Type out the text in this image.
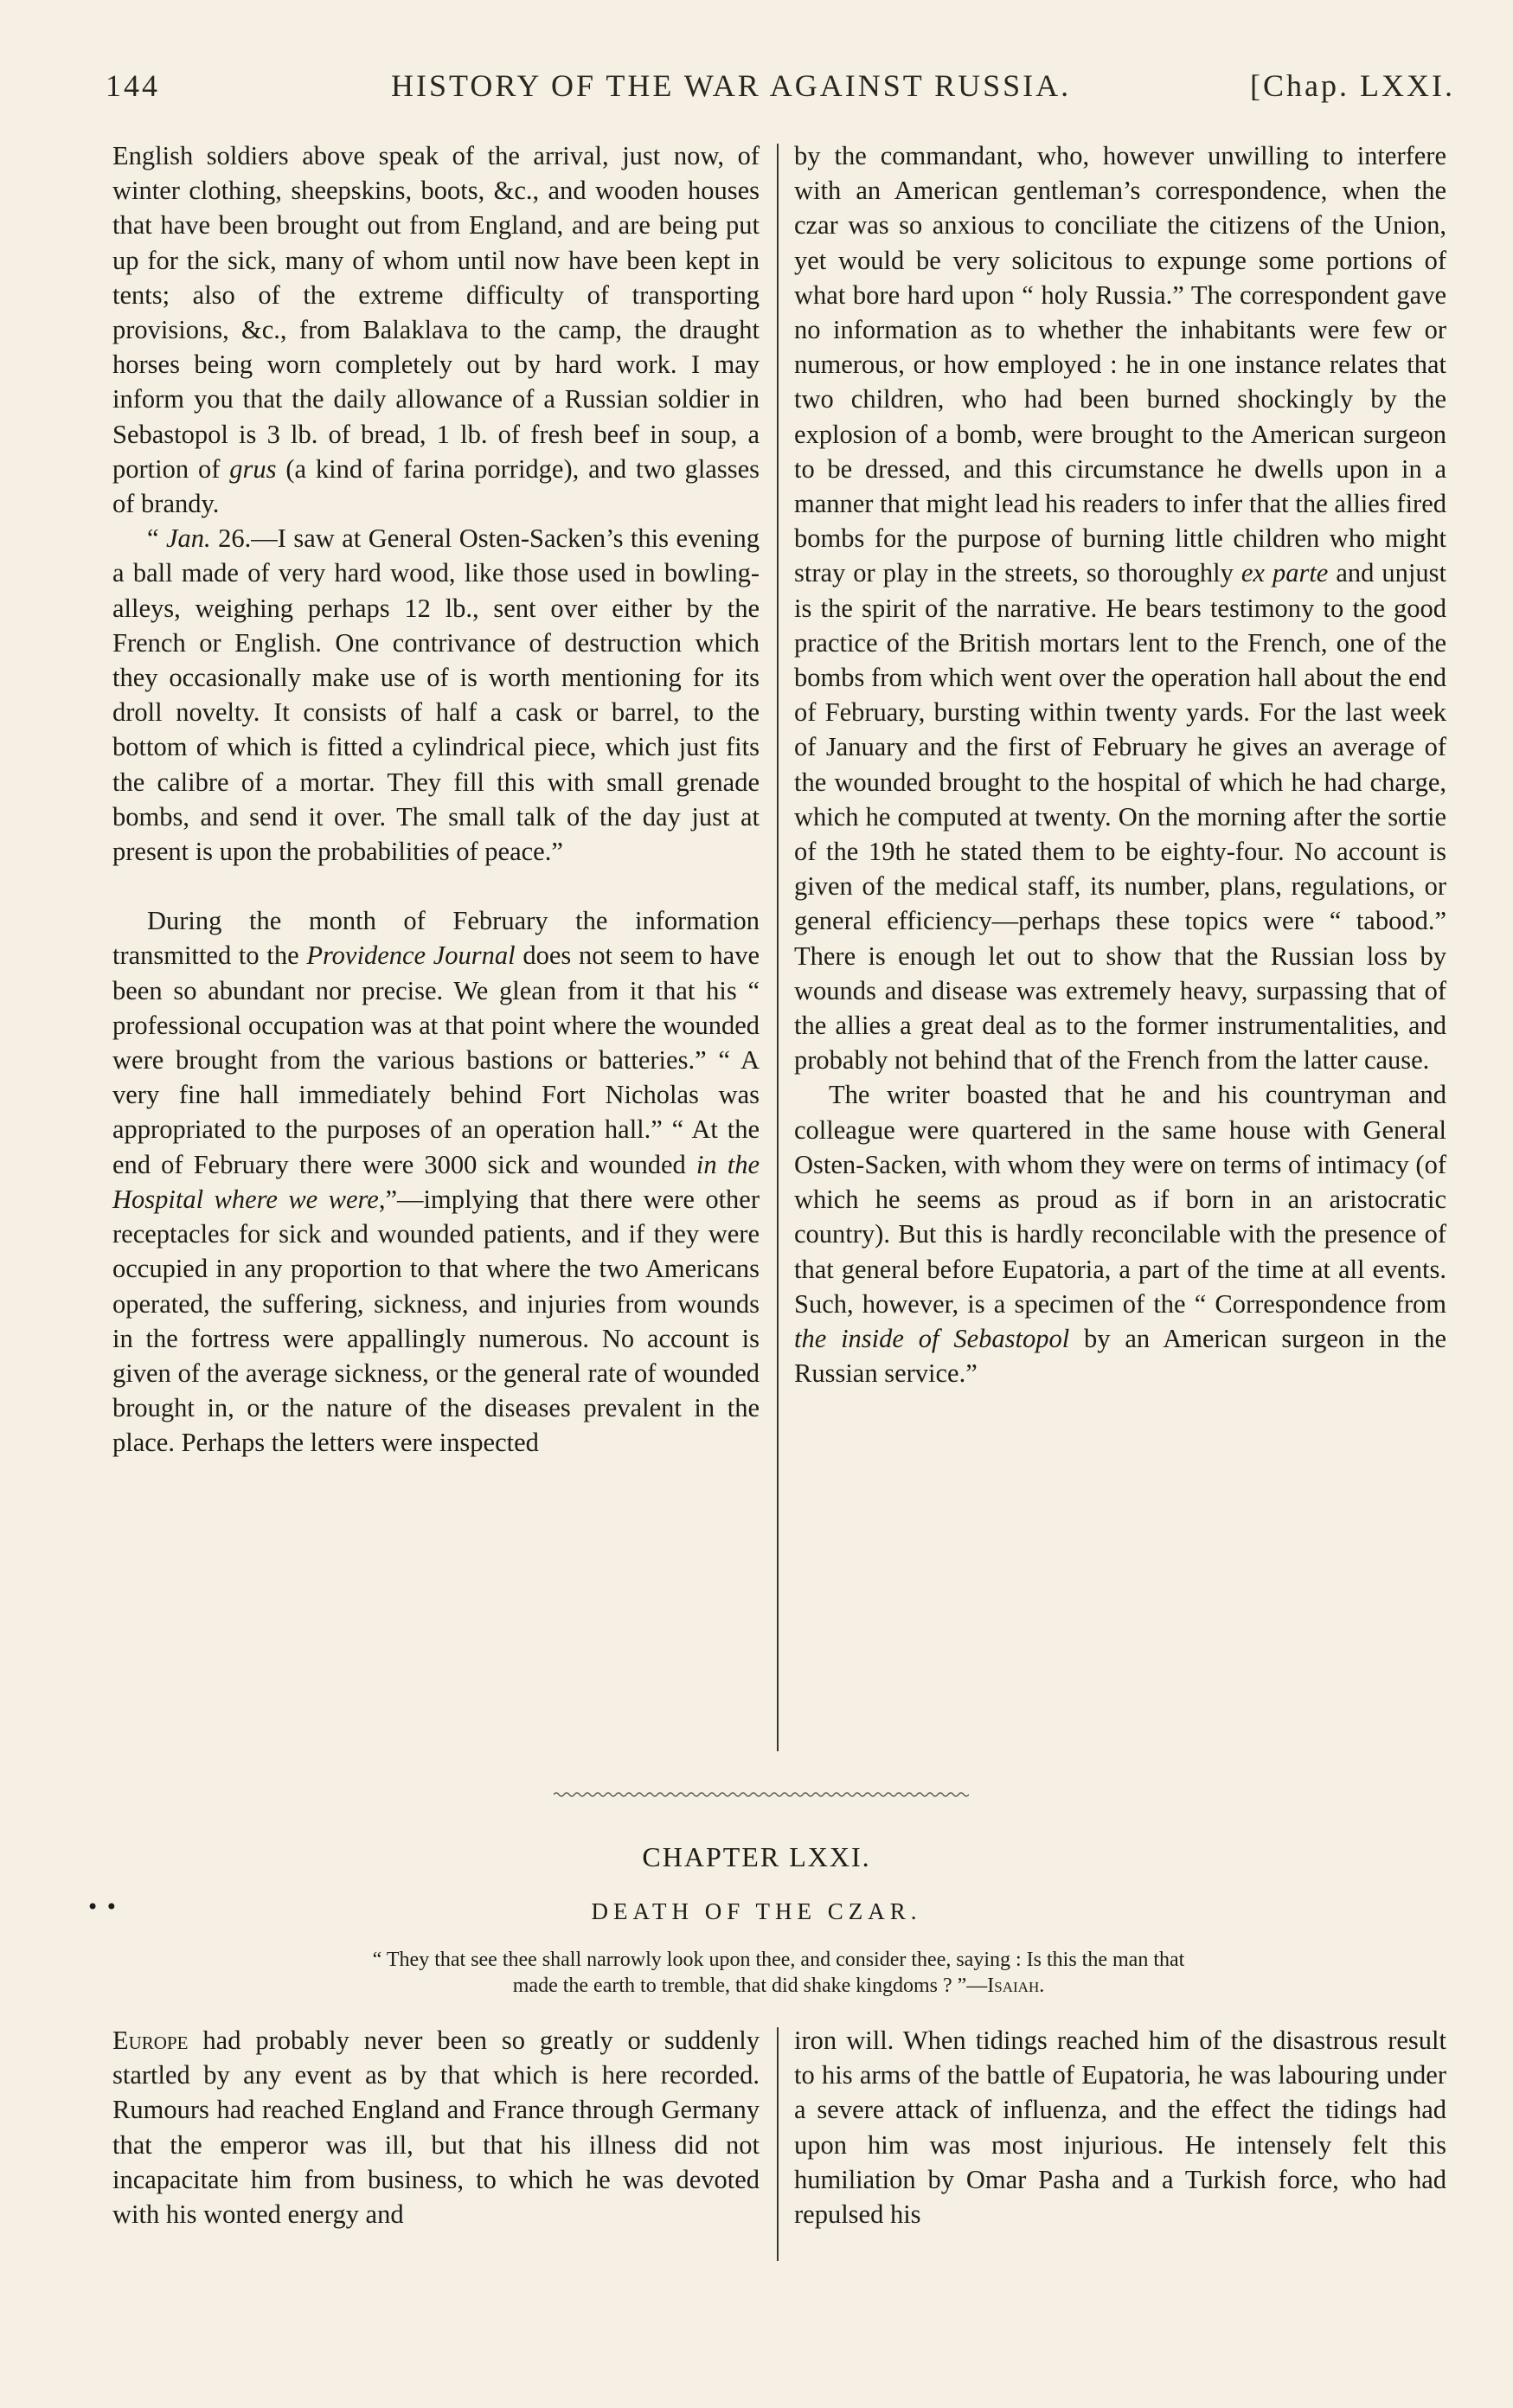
144	HISTORY OF THE WAR AGAINST RUSSIA.	[Chap. LXXI.

English soldiers above speak of the arrival, just now, of winter clothing, sheepskins, boots, &c., and wooden houses that have been brought out from England, and are being put up for the sick, many of whom until now have been kept in tents; also of the extreme difficulty of transporting provisions, &c., from Balaklava to the camp, the draught horses being worn completely out by hard work. I may inform you that the daily allowance of a Russian soldier in Sebastopol is 3 lb. of bread, 1 lb. of fresh beef in soup, a portion of grus (a kind of farina porridge), and two glasses of brandy.

“ Jan. 26.—I saw at General Osten-Sacken’s this evening a ball made of very hard wood, like those used in bowling-alleys, weighing perhaps 12 lb., sent over either by the French or English. One contrivance of destruction which they occasionally make use of is worth mentioning for its droll novelty. It consists of half a cask or barrel, to the bottom of which is fitted a cylindrical piece, which just fits the calibre of a mortar. They fill this with small grenade bombs, and send it over. The small talk of the day just at present is upon the probabilities of peace.”

During the month of February the information transmitted to the Providence Journal does not seem to have been so abundant nor precise. We glean from it that his “ professional occupation was at that point where the wounded were brought from the various bastions or batteries.” “ A very fine hall immediately behind Fort Nicholas was appropriated to the purposes of an operation hall.” “ At the end of February there were 3000 sick and wounded in the Hospital where we were,”—implying that there were other receptacles for sick and wounded patients, and if they were occupied in any proportion to that where the two Americans operated, the suffering, sickness, and injuries from wounds in the fortress were appallingly numerous. No account is given of the average sickness, or the general rate of wounded brought in, or the nature of the diseases prevalent in the place. Perhaps the letters were inspected

by the commandant, who, however unwilling to interfere with an American gentleman’s correspondence, when the czar was so anxious to conciliate the citizens of the Union, yet would be very solicitous to expunge some portions of what bore hard upon “ holy Russia.” The correspondent gave no information as to whether the inhabitants were few or numerous, or how employed : he in one instance relates that two children, who had been burned shockingly by the explosion of a bomb, were brought to the American surgeon to be dressed, and this circumstance he dwells upon in a manner that might lead his readers to infer that the allies fired bombs for the purpose of burning little children who might stray or play in the streets, so thoroughly ex parte and unjust is the spirit of the narrative. He bears testimony to the good practice of the British mortars lent to the French, one of the bombs from which went over the operation hall about the end of February, bursting within twenty yards. For the last week of January and the first of February he gives an average of the wounded brought to the hospital of which he had charge, which he computed at twenty. On the morning after the sortie of the 19th he stated them to be eighty-four. No account is given of the medical staff, its number, plans, regulations, or general efficiency—perhaps these topics were “ tabood.” There is enough let out to show that the Russian loss by wounds and disease was extremely heavy, surpassing that of the allies a great deal as to the former instrumentalities, and probably not behind that of the French from the latter cause.

The writer boasted that he and his countryman and colleague were quartered in the same house with General Osten-Sacken, with whom they were on terms of intimacy (of which he seems as proud as if born in an aristocratic country). But this is hardly reconcilable with the presence of that general before Eupatoria, a part of the time at all events. Such, however, is a specimen of the “ Correspondence from the inside of Sebastopol by an American surgeon in the Russian service.”

CHAPTER LXXI.
• •	DEATH OF THE CZAR.
“ They that see thee shall narrowly look upon thee, and consider thee, saying : Is this the man that
made the earth to tremble, that did shake kingdoms ? ”—Isaiah.

Europe had probably never been so greatly or suddenly startled by any event as by that which is here recorded. Rumours had reached England and France through Germany that the emperor was ill, but that his illness did not incapacitate him from business, to which he was devoted with his wonted energy and

iron will. When tidings reached him of the disastrous result to his arms of the battle of Eupatoria, he was labouring under a severe attack of influenza, and the effect the tidings had upon him was most injurious. He intensely felt this humiliation by Omar Pasha and a Turkish force, who had repulsed his
